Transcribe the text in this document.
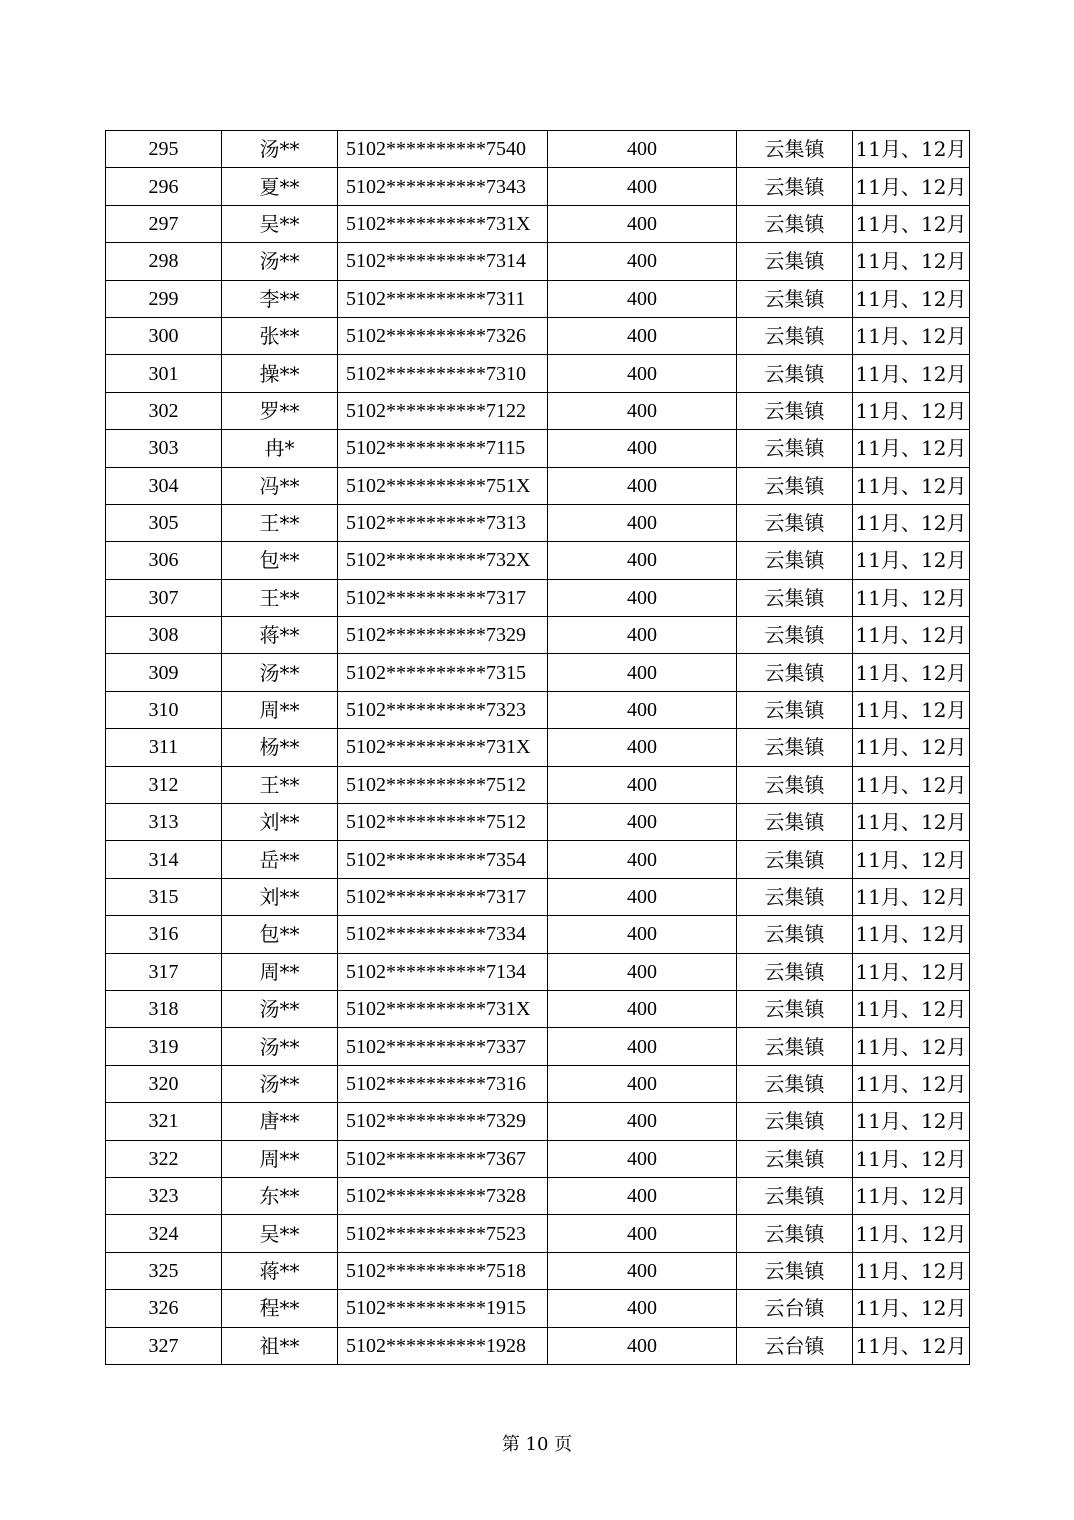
295	汤**	5102**********7540	400	云集镇	11月、12月
296	夏**	5102**********7343	400	云集镇	11月、12月
297	吴**	5102**********731X	400	云集镇	11月、12月
298	汤**	5102**********7314	400	云集镇	11月、12月
299	李**	5102**********7311	400	云集镇	11月、12月
300	张**	5102**********7326	400	云集镇	11月、12月
301	操**	5102**********7310	400	云集镇	11月、12月
302	罗**	5102**********7122	400	云集镇	11月、12月
303	冉*	5102**********7115	400	云集镇	11月、12月
304	冯**	5102**********751X	400	云集镇	11月、12月
305	王**	5102**********7313	400	云集镇	11月、12月
306	包**	5102**********732X	400	云集镇	11月、12月
307	王**	5102**********7317	400	云集镇	11月、12月
308	蒋**	5102**********7329	400	云集镇	11月、12月
309	汤**	5102**********7315	400	云集镇	11月、12月
310	周**	5102**********7323	400	云集镇	11月、12月
311	杨**	5102**********731X	400	云集镇	11月、12月
312	王**	5102**********7512	400	云集镇	11月、12月
313	刘**	5102**********7512	400	云集镇	11月、12月
314	岳**	5102**********7354	400	云集镇	11月、12月
315	刘**	5102**********7317	400	云集镇	11月、12月
316	包**	5102**********7334	400	云集镇	11月、12月
317	周**	5102**********7134	400	云集镇	11月、12月
318	汤**	5102**********731X	400	云集镇	11月、12月
319	汤**	5102**********7337	400	云集镇	11月、12月
320	汤**	5102**********7316	400	云集镇	11月、12月
321	唐**	5102**********7329	400	云集镇	11月、12月
322	周**	5102**********7367	400	云集镇	11月、12月
323	东**	5102**********7328	400	云集镇	11月、12月
324	吴**	5102**********7523	400	云集镇	11月、12月
325	蒋**	5102**********7518	400	云集镇	11月、12月
326	程**	5102**********1915	400	云台镇	11月、12月
327	祖**	5102**********1928	400	云台镇	11月、12月
第 10 页
